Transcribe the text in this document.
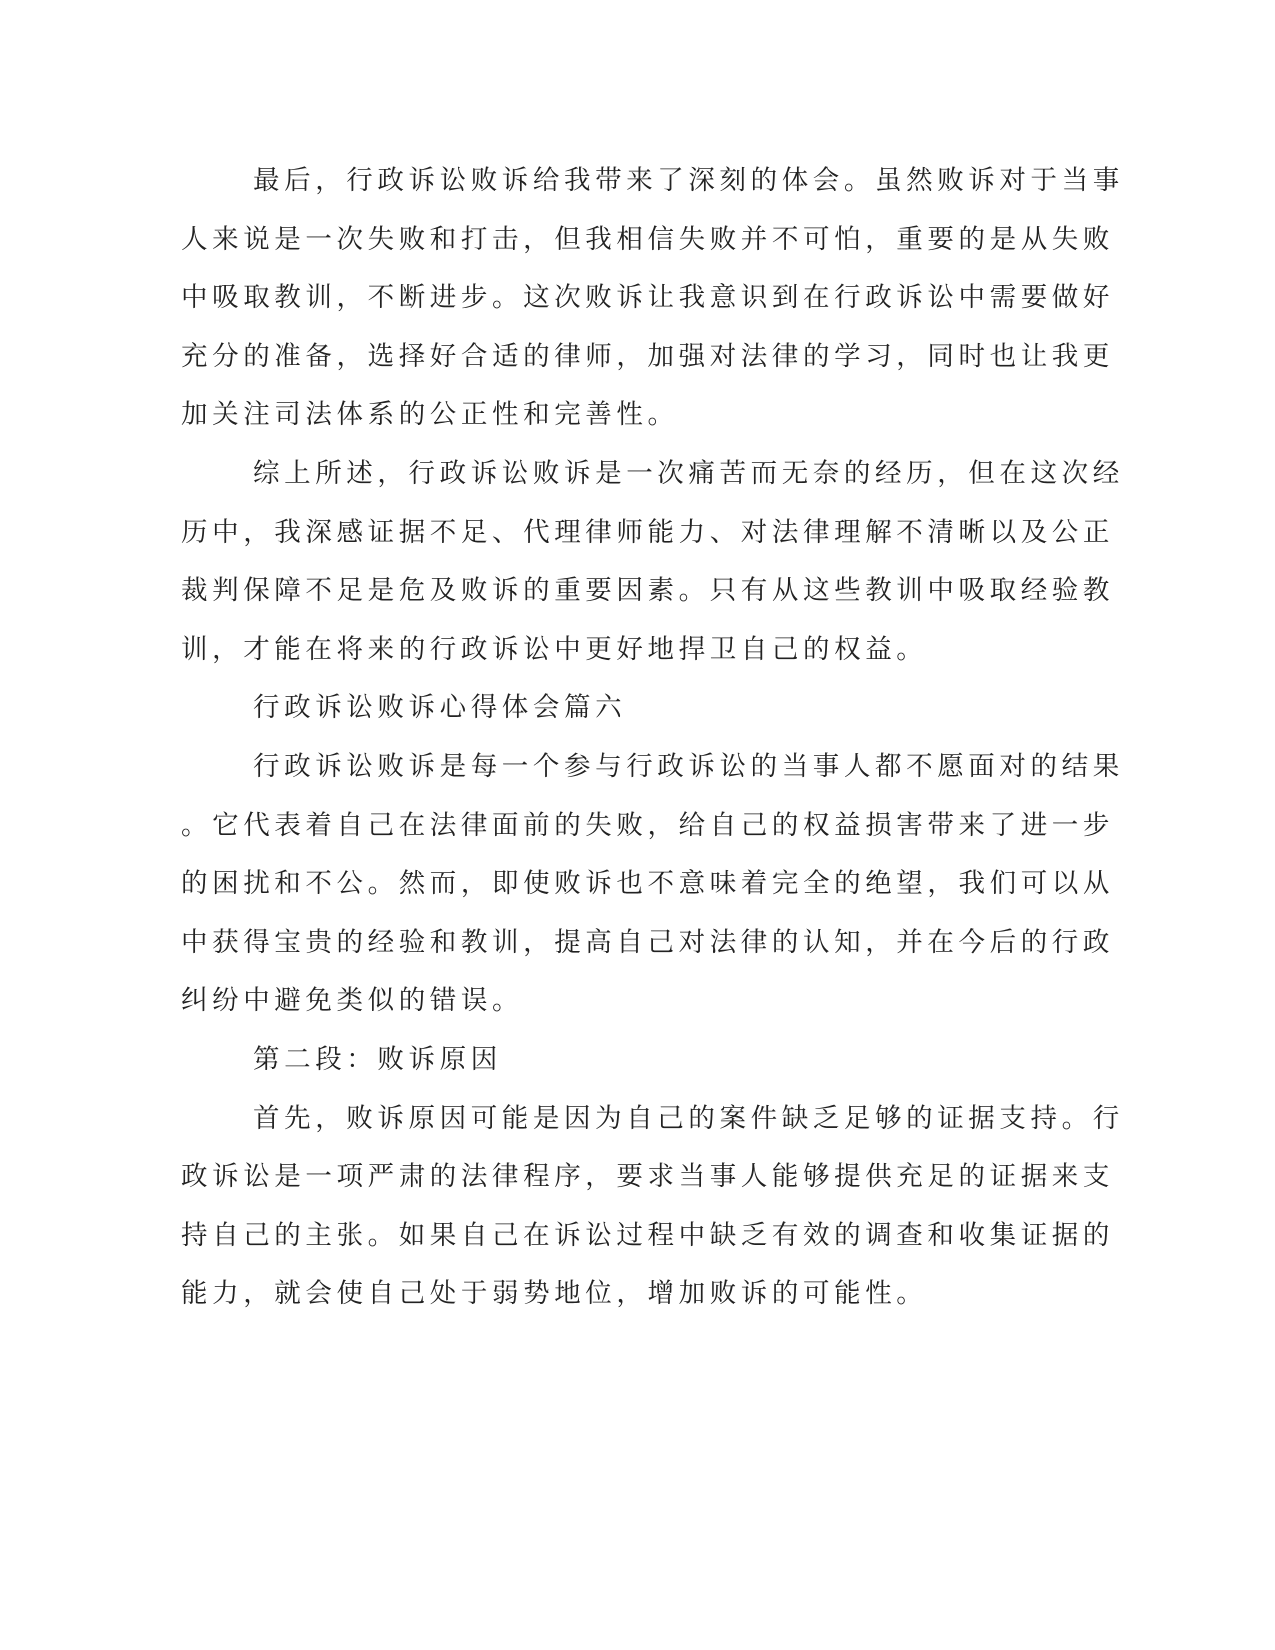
最后，行政诉讼败诉给我带来了深刻的体会。虽然败诉对于当事
人来说是一次失败和打击，但我相信失败并不可怕，重要的是从失败
中吸取教训，不断进步。这次败诉让我意识到在行政诉讼中需要做好
充分的准备，选择好合适的律师，加强对法律的学习，同时也让我更
加关注司法体系的公正性和完善性。
综上所述，行政诉讼败诉是一次痛苦而无奈的经历，但在这次经
历中，我深感证据不足、代理律师能力、对法律理解不清晰以及公正
裁判保障不足是危及败诉的重要因素。只有从这些教训中吸取经验教
训，才能在将来的行政诉讼中更好地捍卫自己的权益。
行政诉讼败诉心得体会篇六
行政诉讼败诉是每一个参与行政诉讼的当事人都不愿面对的结果
。它代表着自己在法律面前的失败，给自己的权益损害带来了进一步
的困扰和不公。然而，即使败诉也不意味着完全的绝望，我们可以从
中获得宝贵的经验和教训，提高自己对法律的认知，并在今后的行政
纠纷中避免类似的错误。
第二段：败诉原因
首先，败诉原因可能是因为自己的案件缺乏足够的证据支持。行
政诉讼是一项严肃的法律程序，要求当事人能够提供充足的证据来支
持自己的主张。如果自己在诉讼过程中缺乏有效的调查和收集证据的
能力，就会使自己处于弱势地位，增加败诉的可能性。
